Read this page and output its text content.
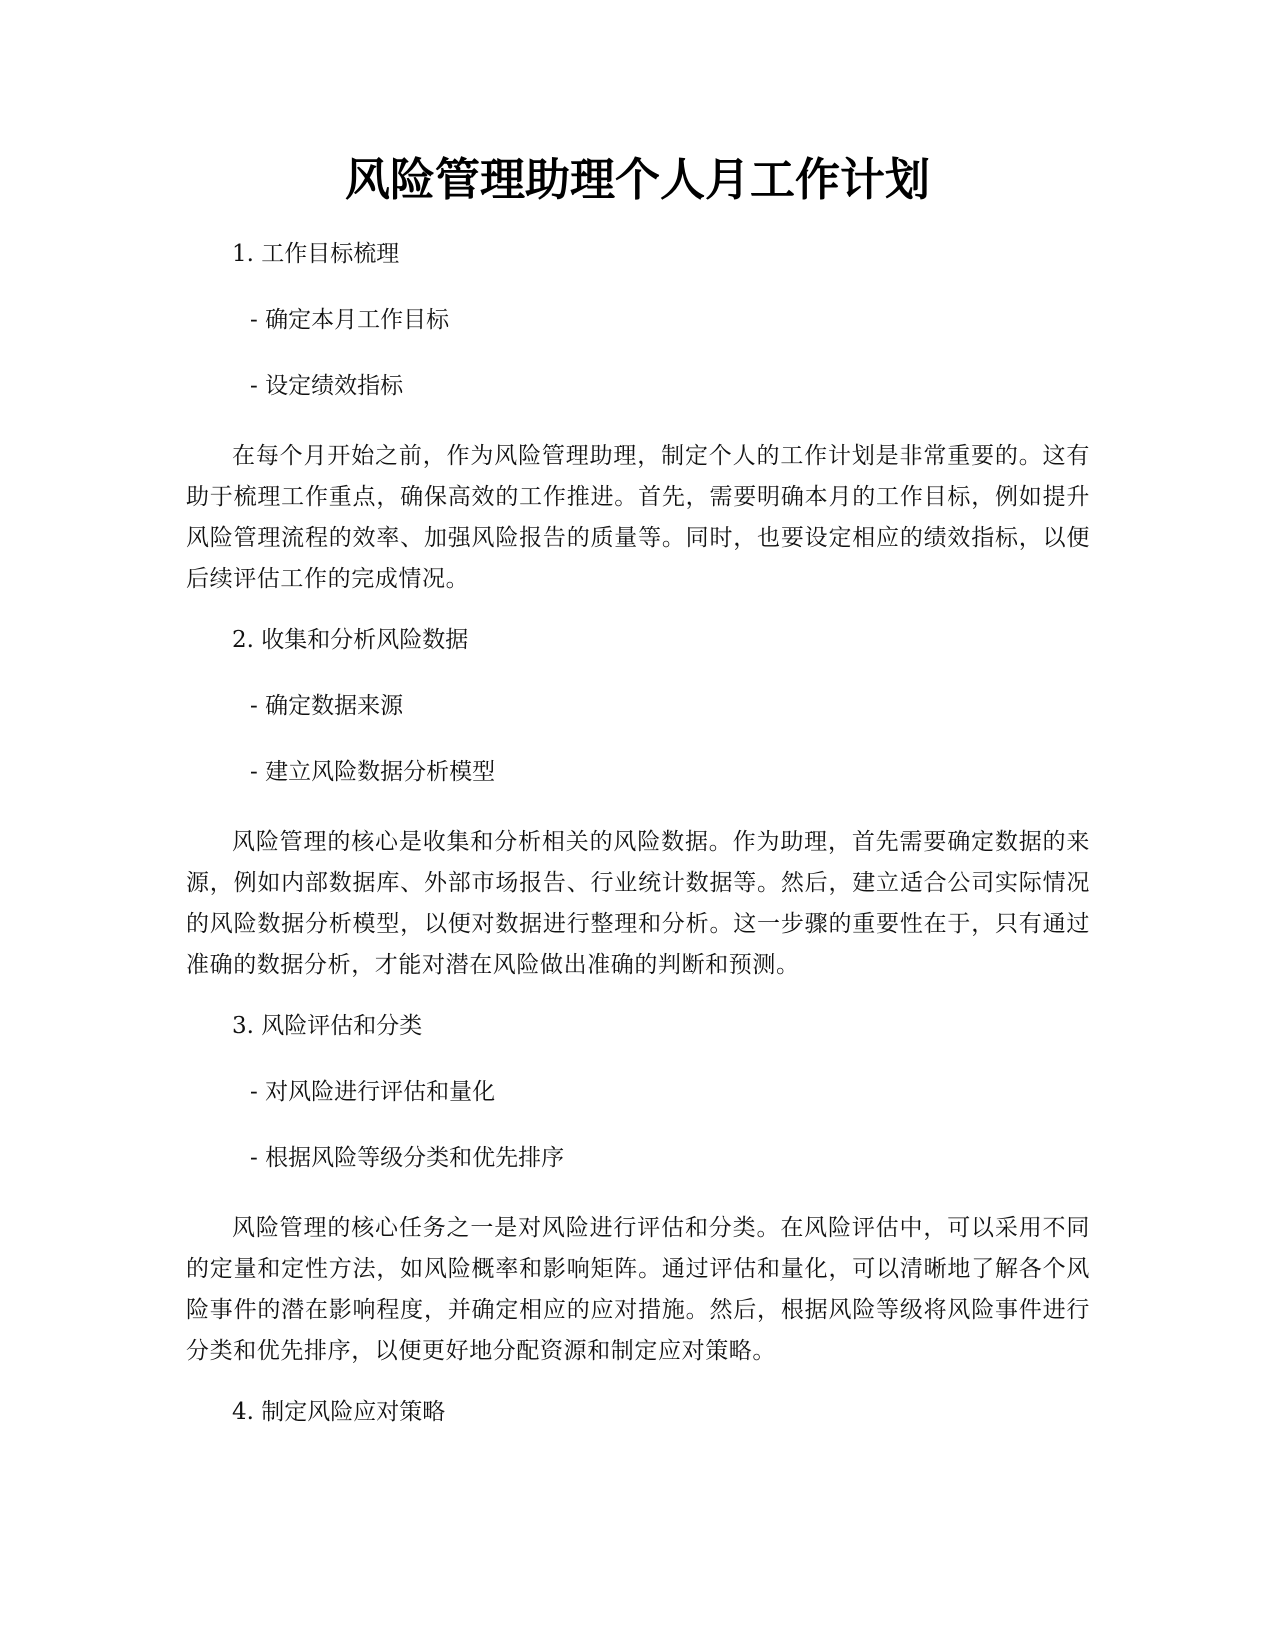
风险管理助理个人月工作计划

1. 工作目标梳理

- 确定本月工作目标

- 设定绩效指标

在每个月开始之前，作为风险管理助理，制定个人的工作计划是非常重要的。这有助于梳理工作重点，确保高效的工作推进。首先，需要明确本月的工作目标，例如提升风险管理流程的效率、加强风险报告的质量等。同时，也要设定相应的绩效指标，以便后续评估工作的完成情况。

2. 收集和分析风险数据

- 确定数据来源

- 建立风险数据分析模型

风险管理的核心是收集和分析相关的风险数据。作为助理，首先需要确定数据的来源，例如内部数据库、外部市场报告、行业统计数据等。然后，建立适合公司实际情况的风险数据分析模型，以便对数据进行整理和分析。这一步骤的重要性在于，只有通过准确的数据分析，才能对潜在风险做出准确的判断和预测。

3. 风险评估和分类

- 对风险进行评估和量化

- 根据风险等级分类和优先排序

风险管理的核心任务之一是对风险进行评估和分类。在风险评估中，可以采用不同的定量和定性方法，如风险概率和影响矩阵。通过评估和量化，可以清晰地了解各个风险事件的潜在影响程度，并确定相应的应对措施。然后，根据风险等级将风险事件进行分类和优先排序，以便更好地分配资源和制定应对策略。

4. 制定风险应对策略
